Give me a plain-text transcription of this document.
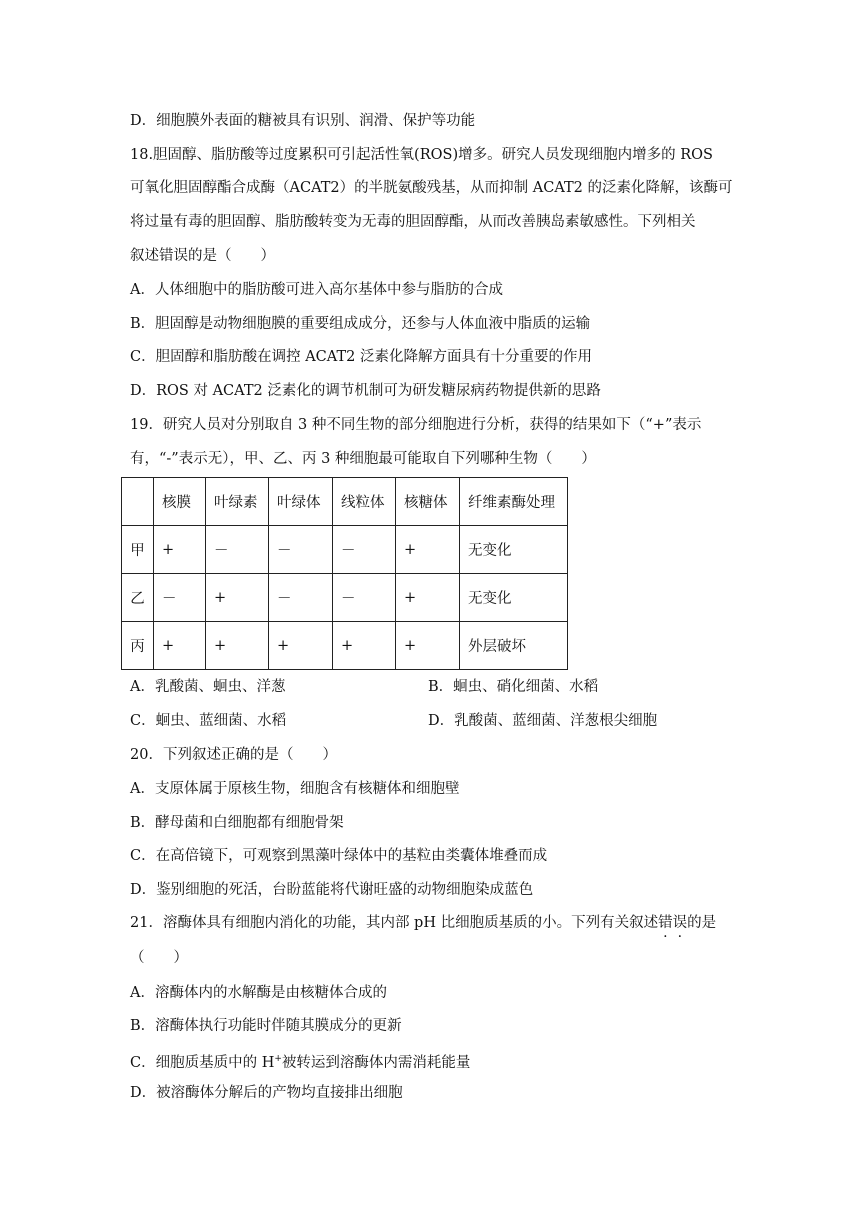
D．细胞膜外表面的糖被具有识别、润滑、保护等功能
18.胆固醇、脂肪酸等过度累积可引起活性氧(ROS)增多。研究人员发现细胞内增多的 ROS
可氧化胆固醇酯合成酶（ACAT2）的半胱氨酸残基，从而抑制 ACAT2 的泛素化降解，该酶可
将过量有毒的胆固醇、脂肪酸转变为无毒的胆固醇酯，从而改善胰岛素敏感性。下列相关
叙述错误的是（　　）
A．人体细胞中的脂肪酸可进入高尔基体中参与脂肪的合成
B．胆固醇是动物细胞膜的重要组成成分，还参与人体血液中脂质的运输
C．胆固醇和脂肪酸在调控 ACAT2 泛素化降解方面具有十分重要的作用
D．ROS 对 ACAT2 泛素化的调节机制可为研发糖尿病药物提供新的思路
19．研究人员对分别取自 3 种不同生物的部分细胞进行分析，获得的结果如下（“+”表示
有，“-”表示无），甲、乙、丙 3 种细胞最可能取自下列哪种生物（　　）
	核膜	叶绿素	叶绿体	线粒体	核糖体	纤维素酶处理
甲	+	－	－	－	+	无变化
乙	－	+	－	－	+	无变化
丙	+	+	+	+	+	外层破坏
A．乳酸菌、蛔虫、洋葱	B．蛔虫、硝化细菌、水稻
C．蛔虫、蓝细菌、水稻	D．乳酸菌、蓝细菌、洋葱根尖细胞
20．下列叙述正确的是（　　）
A．支原体属于原核生物，细胞含有核糖体和细胞壁
B．酵母菌和白细胞都有细胞骨架
C．在高倍镜下，可观察到黑藻叶绿体中的基粒由类囊体堆叠而成
D．鉴别细胞的死活，台盼蓝能将代谢旺盛的动物细胞染成蓝色
21．溶酶体具有细胞内消化的功能，其内部 pH 比细胞质基质的小。下列有关叙述错误的是
（　　）
A．溶酶体内的水解酶是由核糖体合成的
B．溶酶体执行功能时伴随其膜成分的更新
C．细胞质基质中的 H+被转运到溶酶体内需消耗能量
D．被溶酶体分解后的产物均直接排出细胞
